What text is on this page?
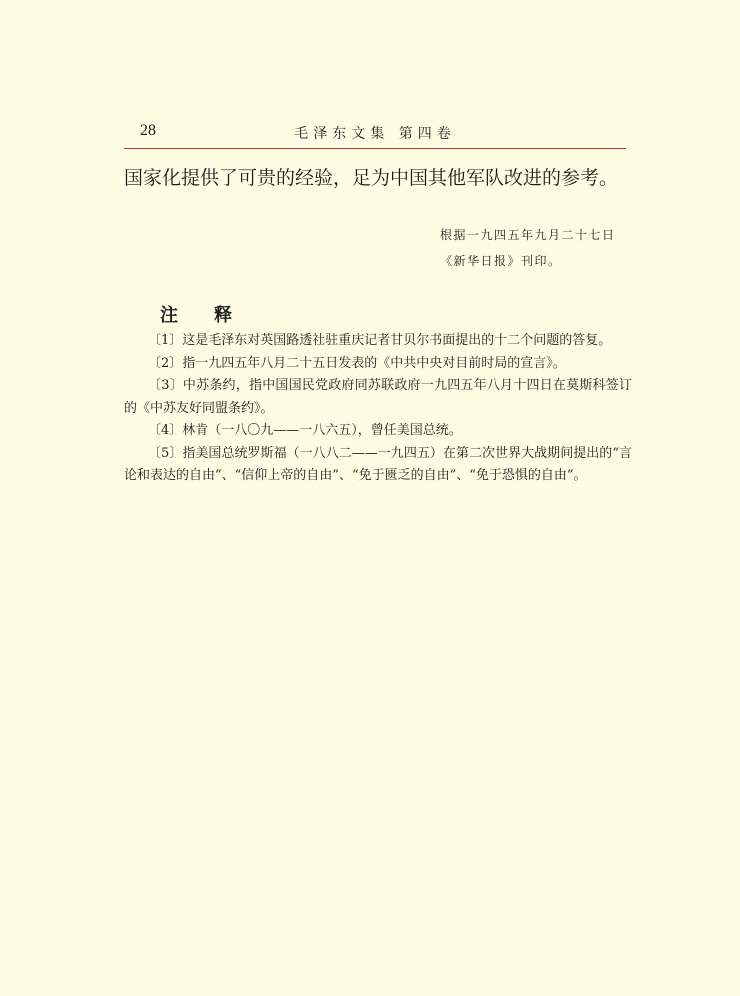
28	毛泽东文集 第四卷
国家化提供了可贵的经验，足为中国其他军队改进的参考。
根据一九四五年九月二十七日
《新华日报》刊印。
注释

〔1〕这是毛泽东对英国路透社驻重庆记者甘贝尔书面提出的十二个问题的答复。

〔2〕指一九四五年八月二十五日发表的《中共中央对目前时局的宣言》。

〔3〕中苏条约，指中国国民党政府同苏联政府一九四五年八月十四日在莫斯科签订的《中苏友好同盟条约》。

〔4〕林肯（一八〇九——一八六五），曾任美国总统。

〔5〕指美国总统罗斯福（一八八二——一九四五）在第二次世界大战期间提出的“言论和表达的自由”、“信仰上帝的自由”、“免于匮乏的自由”、“免于恐惧的自由”。
